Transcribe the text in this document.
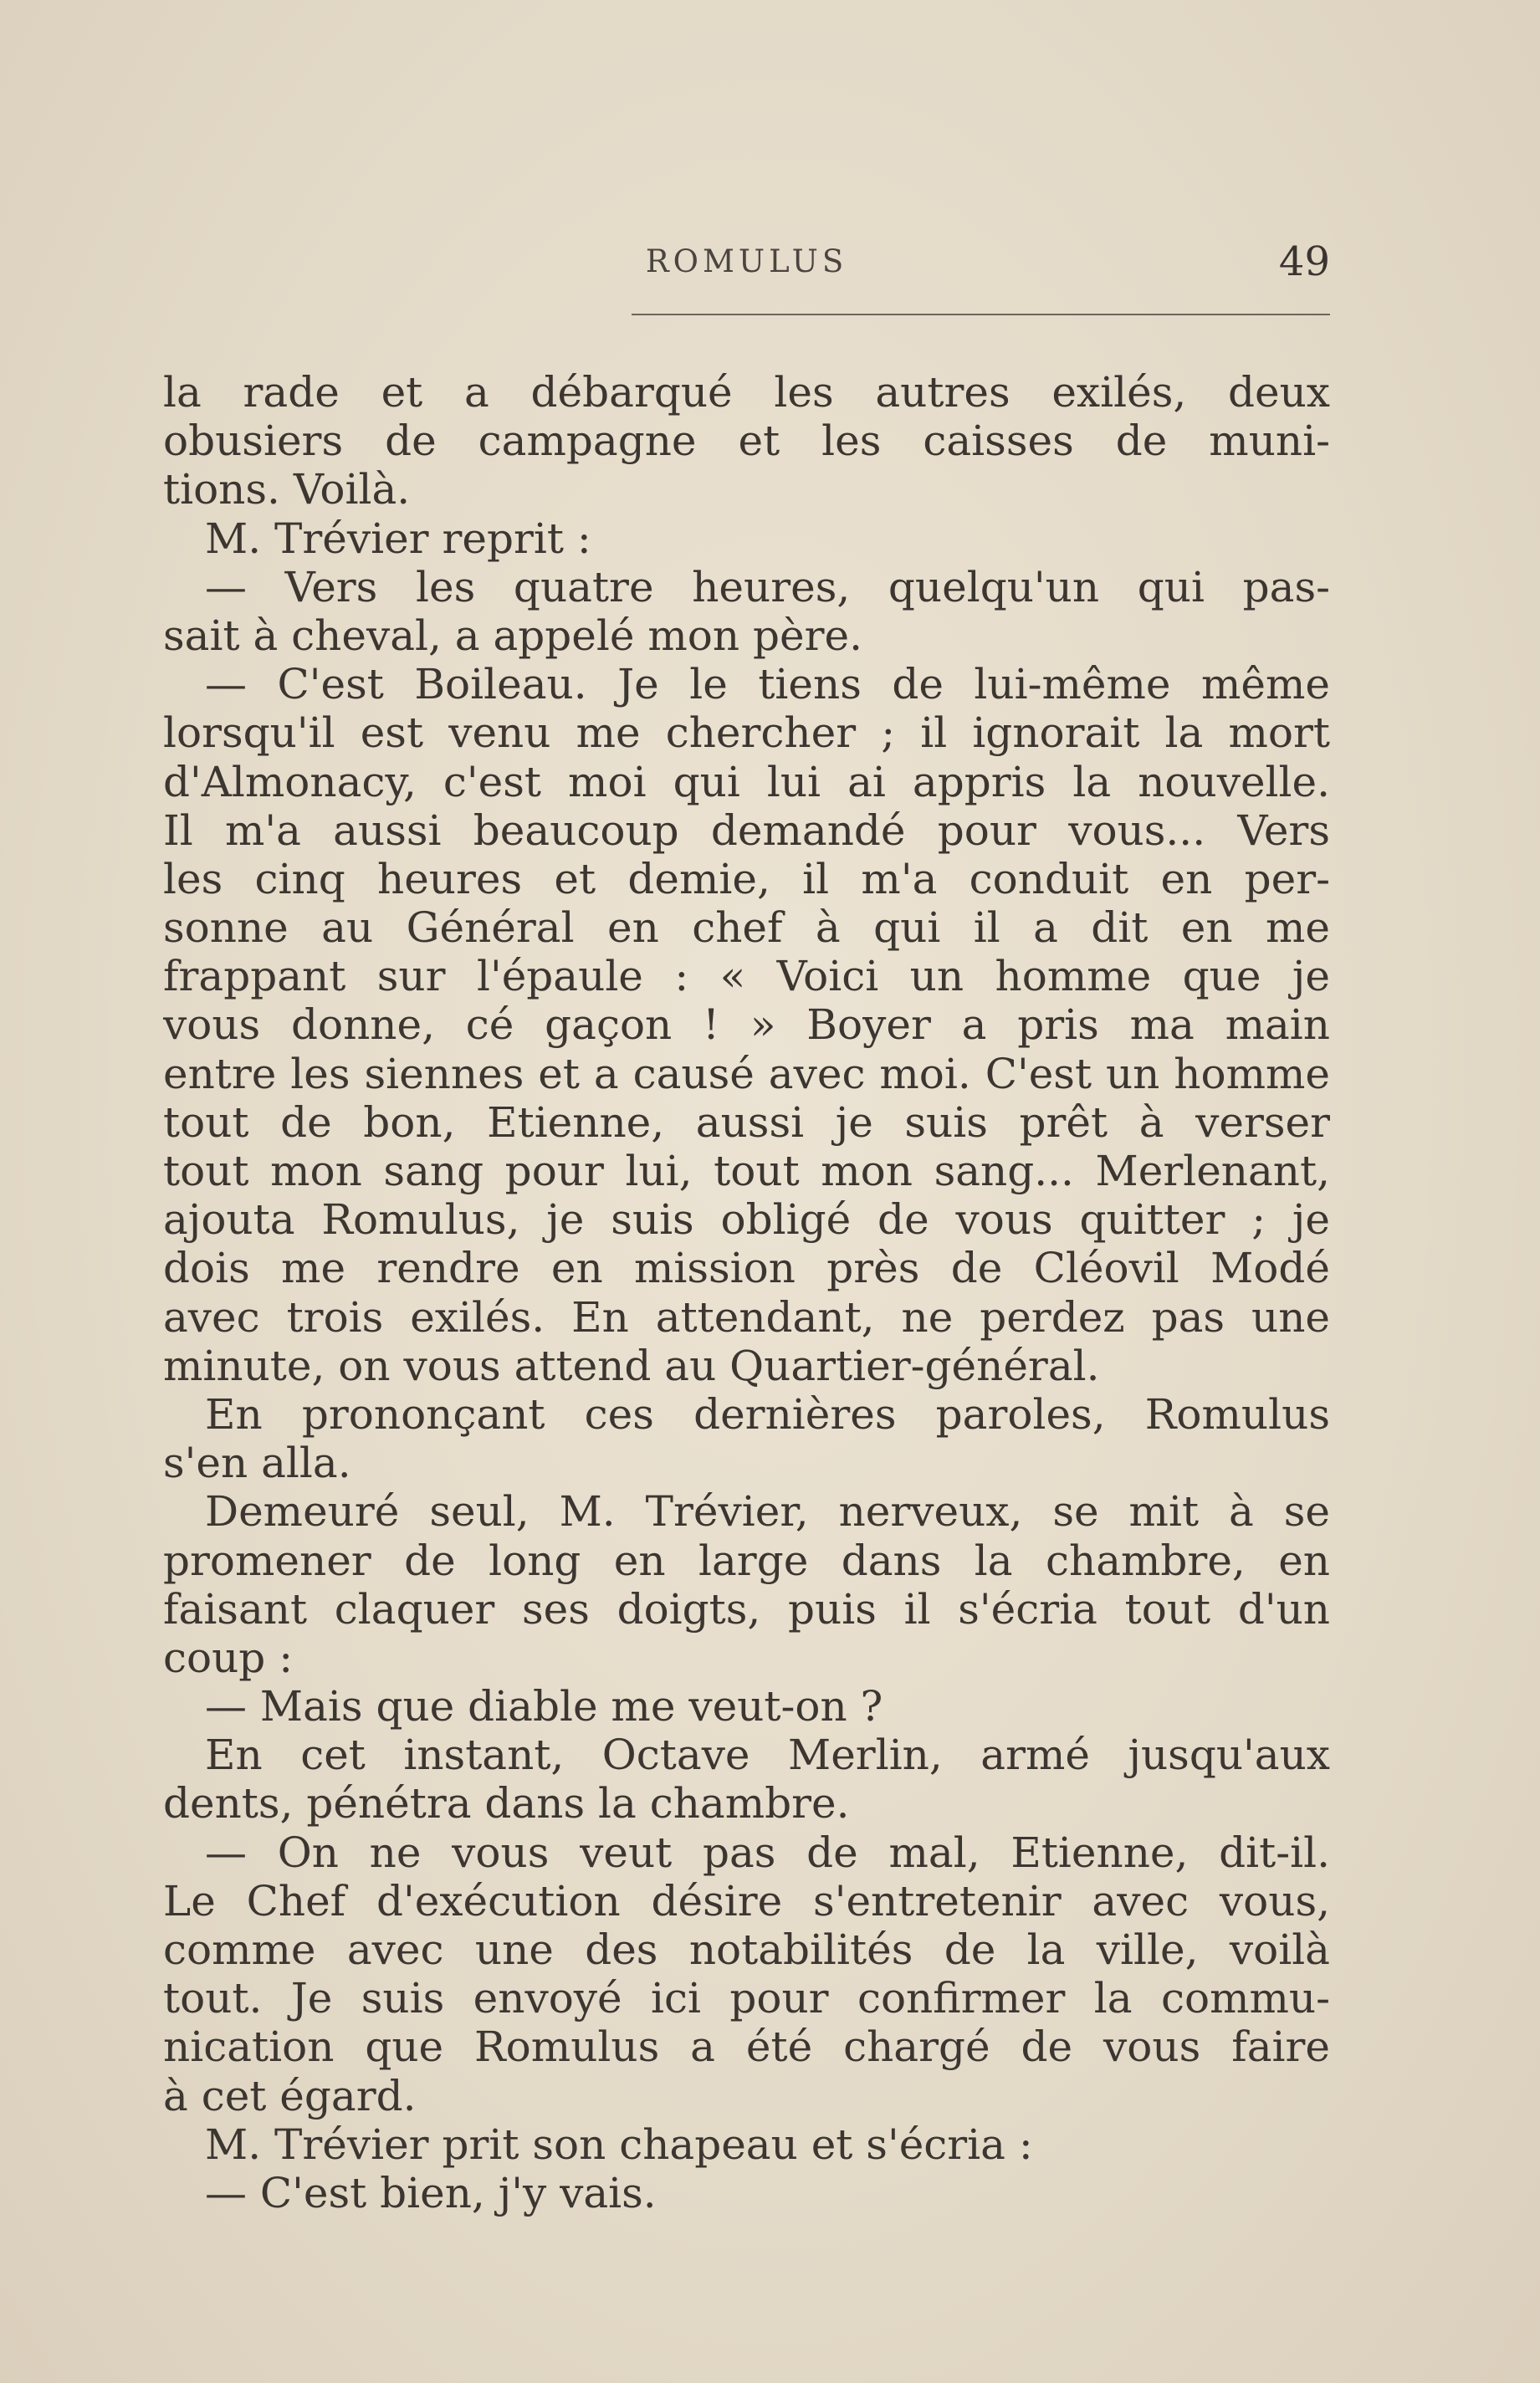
ROMULUS	49
la rade et a débarqué les autres exilés, deux
obusiers de campagne et les caisses de muni-
tions. Voilà.
 M. Trévier reprit :
 — Vers les quatre heures, quelqu'un qui pas-
sait à cheval, a appelé mon père.
 — C'est Boileau. Je le tiens de lui-même même
lorsqu'il est venu me chercher ; il ignorait la mort
d'Almonacy, c'est moi qui lui ai appris la nouvelle.
Il m'a aussi beaucoup demandé pour vous... Vers
les cinq heures et demie, il m'a conduit en per-
sonne au Général en chef à qui il a dit en me
frappant sur l'épaule : « Voici un homme que je
vous donne, cé gaçon ! » Boyer a pris ma main
entre les siennes et a causé avec moi. C'est un homme
tout de bon, Etienne, aussi je suis prêt à verser
tout mon sang pour lui, tout mon sang... Merlenant,
ajouta Romulus, je suis obligé de vous quitter ; je
dois me rendre en mission près de Cléovil Modé
avec trois exilés. En attendant, ne perdez pas une
minute, on vous attend au Quartier-général.
 En prononçant ces dernières paroles, Romulus
s'en alla.
 Demeuré seul, M. Trévier, nerveux, se mit à se
promener de long en large dans la chambre, en
faisant claquer ses doigts, puis il s'écria tout d'un
coup :
 — Mais que diable me veut-on ?
 En cet instant, Octave Merlin, armé jusqu'aux
dents, pénétra dans la chambre.
 — On ne vous veut pas de mal, Etienne, dit-il.
Le Chef d'exécution désire s'entretenir avec vous,
comme avec une des notabilités de la ville, voilà
tout. Je suis envoyé ici pour confirmer la commu-
nication que Romulus a été chargé de vous faire
à cet égard.
 M. Trévier prit son chapeau et s'écria :
 — C'est bien, j'y vais.
